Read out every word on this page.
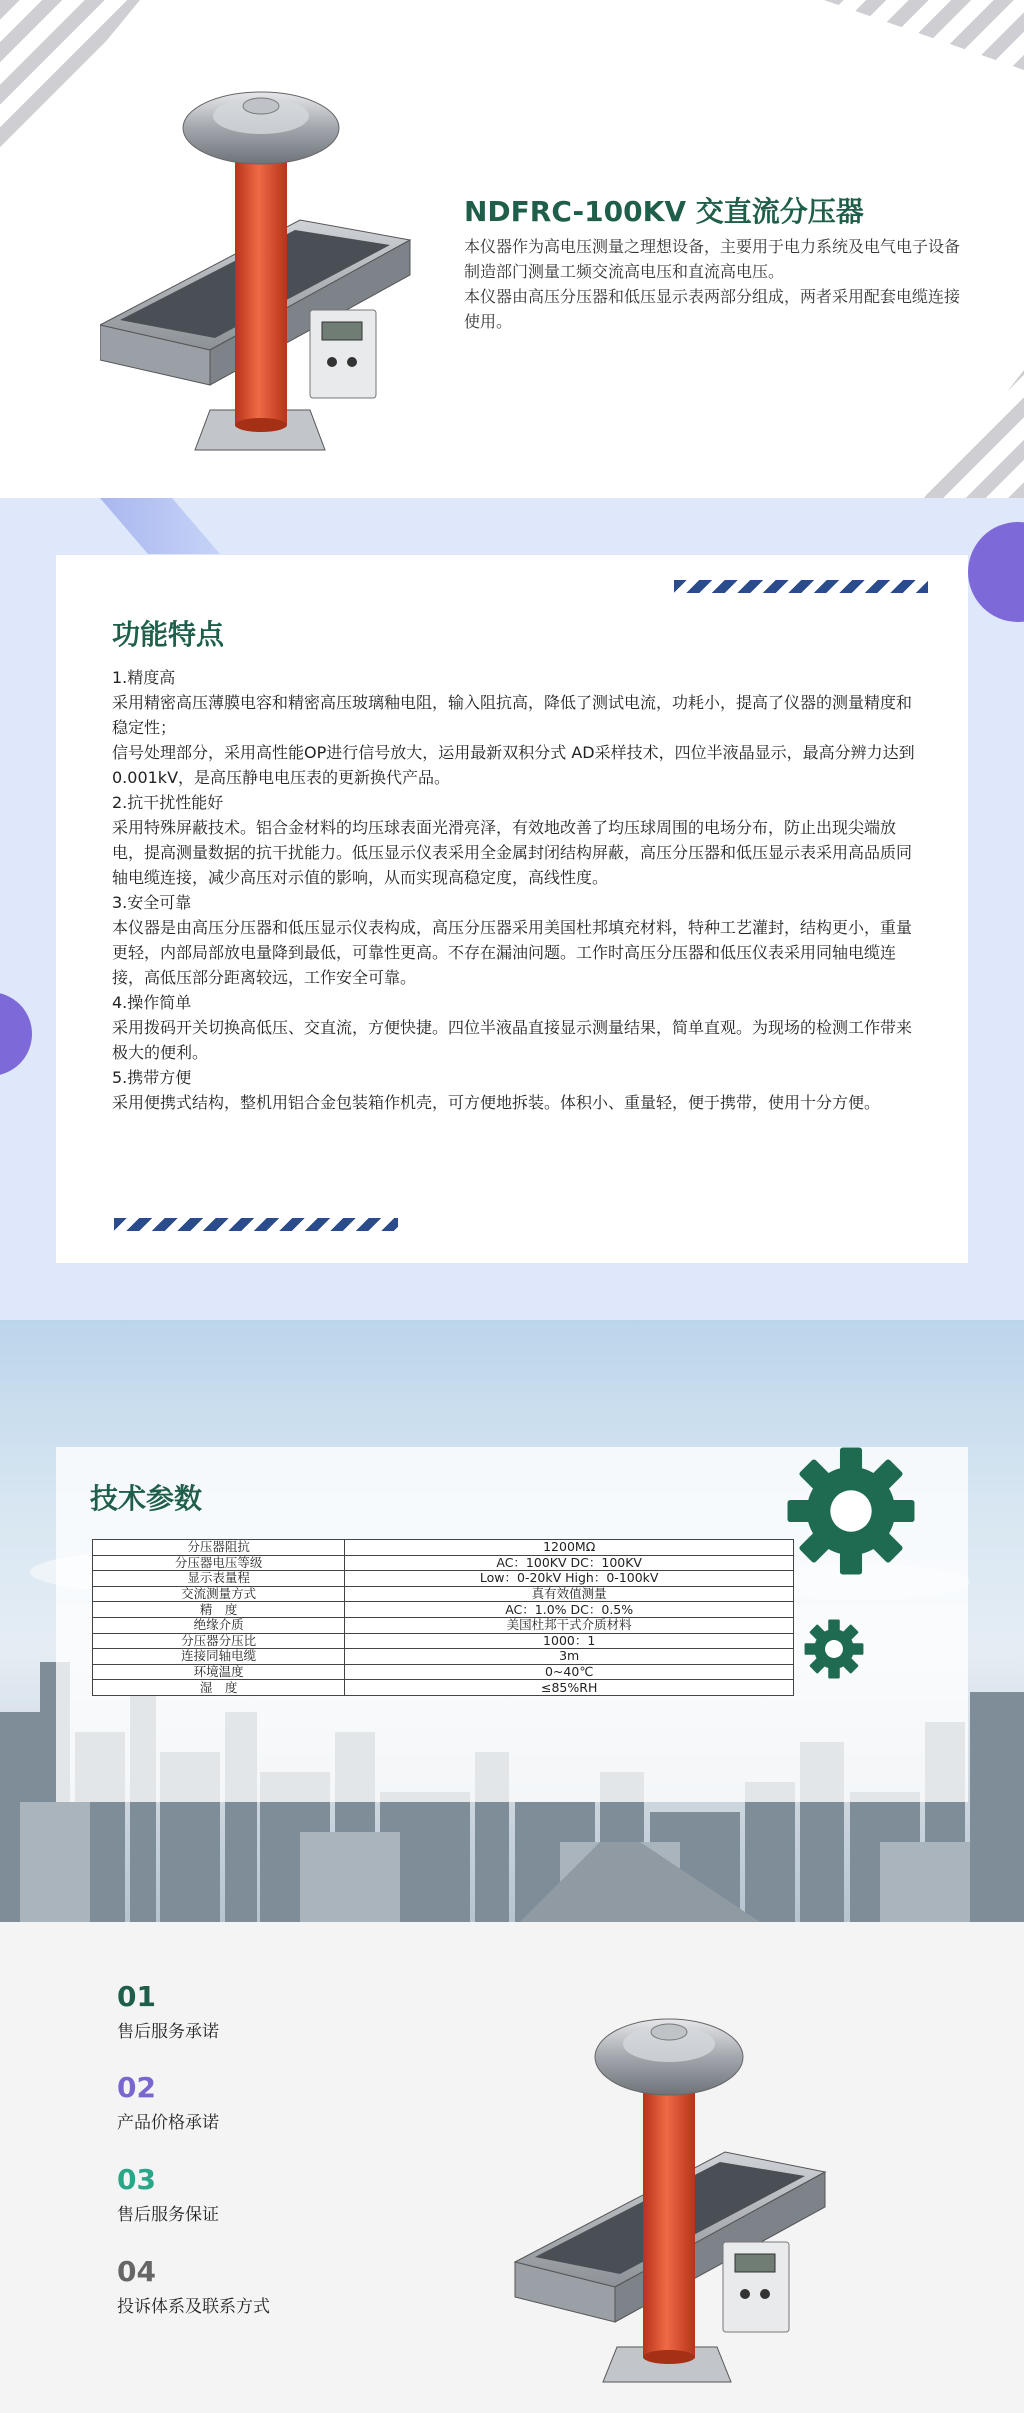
NDFRC-100KV 交直流分压器

本仪器作为高电压测量之理想设备，主要用于电力系统及电气电子设备制造部门测量工频交流高电压和直流高电压。

本仪器由高压分压器和低压显示表两部分组成，两者采用配套电缆连接使用。

功能特点

1.精度高

采用精密高压薄膜电容和精密高压玻璃釉电阻，输入阻抗高，降低了测试电流，功耗小，提高了仪器的测量精度和稳定性；

信号处理部分，采用高性能OP进行信号放大，运用最新双积分式 AD采样技术，四位半液晶显示，最高分辨力达到0.001kV，是高压静电电压表的更新换代产品。

2.抗干扰性能好

采用特殊屏蔽技术。铝合金材料的均压球表面光滑亮泽，有效地改善了均压球周围的电场分布，防止出现尖端放电，提高测量数据的抗干扰能力。低压显示仪表采用全金属封闭结构屏蔽，高压分压器和低压显示表采用高品质同轴电缆连接，减少高压对示值的影响，从而实现高稳定度，高线性度。

3.安全可靠

本仪器是由高压分压器和低压显示仪表构成，高压分压器采用美国杜邦填充材料，特种工艺灌封，结构更小，重量更轻，内部局部放电量降到最低，可靠性更高。不存在漏油问题。工作时高压分压器和低压仪表采用同轴电缆连接，高低压部分距离较远，工作安全可靠。

4.操作简单

采用拨码开关切换高低压、交直流，方便快捷。四位半液晶直接显示测量结果，简单直观。为现场的检测工作带来极大的便利。

5.携带方便

采用便携式结构，整机用铝合金包装箱作机壳，可方便地拆装。体积小、重量轻，便于携带，使用十分方便。

技术参数
分压器阻抗	1200MΩ
分压器电压等级	AC：100KV DC：100KV
显示表量程	Low：0-20kV High：0-100kV
交流测量方式	真有效值测量
精　度	AC：1.0% DC：0.5%
绝缘介质	美国杜邦干式介质材料
分压器分压比	1000：1
连接同轴电缆	3m
环境温度	0~40℃
湿　度	≤85%RH
01
售后服务承诺
02
产品价格承诺
03
售后服务保证
04
投诉体系及联系方式
